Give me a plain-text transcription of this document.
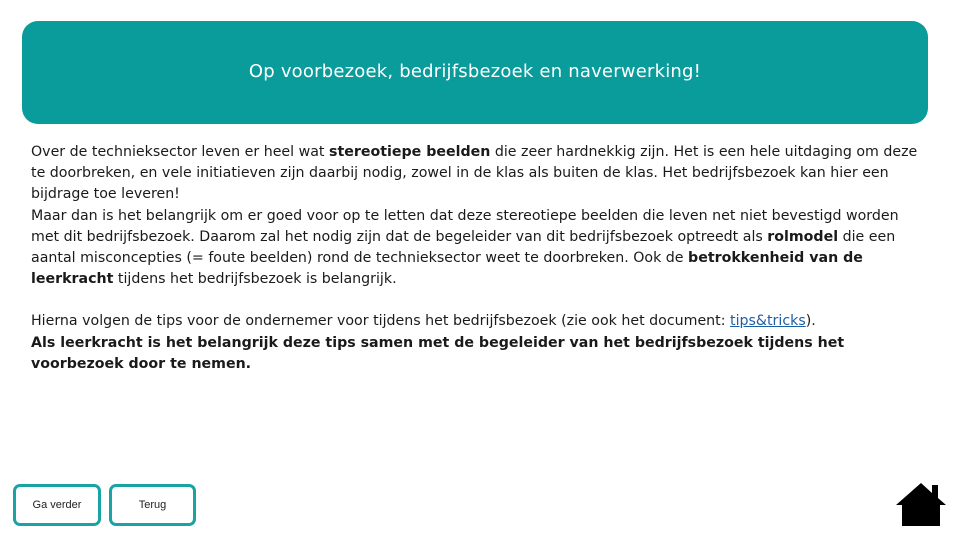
Op voorbezoek, bedrijfsbezoek en naverwerking!

Over de technieksector leven er heel wat stereotiepe beelden die zeer hardnekkig zijn. Het is een hele uitdaging om deze te doorbreken, en vele initiatieven zijn daarbij nodig, zowel in de klas als buiten de klas. Het bedrijfsbezoek kan hier een bijdrage toe leveren!

Maar dan is het belangrijk om er goed voor op te letten dat deze stereotiepe beelden die leven net niet bevestigd worden met dit bedrijfsbezoek. Daarom zal het nodig zijn dat de begeleider van dit bedrijfsbezoek optreedt als rolmodel die een aantal misconcepties (= foute beelden) rond de technieksector weet te doorbreken. Ook de betrokkenheid van de leerkracht tijdens het bedrijfsbezoek is belangrijk.

Hierna volgen de tips voor de ondernemer voor tijdens het bedrijfsbezoek (zie ook het document: tips&tricks).

Als leerkracht is het belangrijk deze tips samen met de begeleider van het bedrijfsbezoek tijdens het voorbezoek door te nemen.

Ga verder	Terug
